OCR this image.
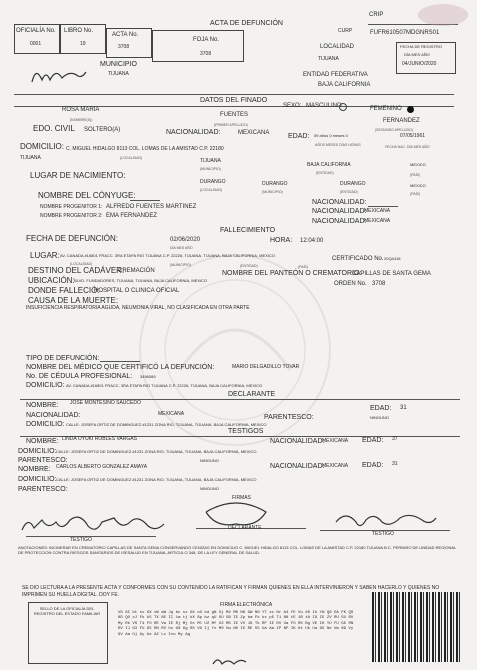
CRIP
ACTA DE DEFUNCIÓN
CURP	FUFR610507MDGNRS01
OFICIALÍA No.
0001
LIBRO No.
19
ACTA No.
3708
FOJA No.
3708
LOCALIDAD
TIJUANA
FECHA DE REGISTRO
DÍA MES AÑO
04/JUNIO/2020
MUNICIPIO
TIJUANA	ENTIDAD FEDERATIVA
BAJA CALIFORNIA
DATOS DEL FINADO
ROSA MARIA
(NOMBRE(S))
FUENTES
(PRIMER APELLIDO)
SEXO: MASCULINO	FEMENINO
FERNANDEZ
(SEGUNDO APELLIDO)
EDO. CIVIL SOLTERO(A)	NACIONALIDAD:	MEXICANA	EDAD: 59 años 0 meses 0	07/05/1961
AÑOS MESES DÍAS HORAS	FECHA NAC. DÍA MES AÑO
DOMICILIO: C. MIGUEL HIDALGO 8113 COL. LOMAS DE LA AMISTAD C.P. 22180
(LOCALIDAD)
TIJUANA	TIJUANA
(MUNICIPIO)
BAJA CALIFORNIA
(ENTIDAD)
MEXICO
(PAÍS)
LUGAR DE NACIMIENTO:
DURANGO
(LOCALIDAD)
DURANGO
(MUNICIPIO)
DURANGO
(ENTIDAD)
MEXICO
(PAÍS)
NOMBRE DEL CÓNYUGE:
NACIONALIDAD:
NOMBRE PROGENITOR 1: ALFREDO FUENTES MARTINEZ
NACIONALIDAD:
MEXICANA
NOMBRE PROGENITOR 2: EMA FERNANDEZ
NACIONALIDAD:
MEXICANA
FALLECIMIENTO
FECHA DE DEFUNCIÓN:	02/06/2020
DÍA MES AÑO
HORA: 12:04:00
LUGAR: AV. CANADA #16801 FRACC. 3RA ETAPA RIO TIJUANA C.P. 22226, TIJUANA, TIJUANA, BAJA CALIFORNIA, MEXICO
(LOCALIDAD)	(MUNICIPIO)	(ENTIDAD)	(PAÍS)
CERTIFICADO No. 20Q4418
DESTINO DEL CADÁVER:
CREMACIÓN	NOMBRE DEL PANTEÓN O CREMATORIO:
CAPILLAS DE SANTA GEMA
UBICACIÓN: BLVD. FUNDADORES, TIJUANA, TIJUANA, BAJA CALIFORNIA, MEXICO
ORDEN No. 3708
DONDE FALLECIÓ:
HOSPITAL O CLINICA OFICIAL
CAUSA DE LA MUERTE:
INSUFICIENCIA RESPIRATORIA AGUDA, NEUMONIA VIRAL, NO CLASIFICADA EN OTRA PARTE
TIPO DE DEFUNCIÓN:
NOMBRE DEL MÉDICO QUE CERTIFICÓ LA DEFUNCIÓN:	MARIO DELGADILLO TOVAR
No. DE CÉDULA PROFESIONAL: 3496089
DOMICILIO: AV. CANADA #16801 FRACC. 3RA ETAPA RIO TIJUANA C.P. 22226, TIJUANA, BAJA CALIFORNIA, MEXICO
DECLARANTE
NOMBRE: JOSE MONTESINO SAUCEDO
EDAD: 31
NACIONALIDAD:	MEXICANA	PARENTESCO:	NINGUNO
DOMICILIO: CALLE: JOSEFA ORTIZ DE DOMINGUEZ #1231 ZONA RIO, TIJUANA, TIJUANA, BAJA CALIFORNIA, MEXICO
TESTIGOS
NOMBRE: LINDA OYUKI ROBLES VARGAS	NACIONALIDAD:
MEXICANA EDAD: 37
DOMICILIO: CALLE: JOSEFA ORTIZ DE DOMINGUEZ #1231 ZONA RIO, TIJUANA, TIJUANA, BAJA CALIFORNIA, MEXICO
PARENTESCO:	NINGUNO
NOMBRE: CARLOS ALBERTO GONZALEZ AMAYA	NACIONALIDAD:
MEXICANA EDAD: 31
DOMICILIO: CALLE: JOSEFA ORTIZ DE DOMINGUEZ #1231 ZONA RIO, TIJUANA, TIJUANA, BAJA CALIFORNIA, MEXICO
PARENTESCO:	NINGUNO
FIRMAS
TESTIGO
DECLARANTE
TESTIGO
ANOTACIONES: INCINERAR EN CREMATORIO CAPILLAS DE SANTA GEMA CONSERVANDO CENIZAS EN DOMICILIO C. MIGUEL HIDALGO 8113 COL. LOMAS DE LA AMISTAD C.P. 22180 TIJUANA B.C. PERMISO DE UNIDAD REGIONAL DE PROTECCION CONTRA RIESGOS SANITARIOS DE ISESALUD EN TIJUANA, ARTICULO 348, DE LA LEY GENERAL DE SALUD.
SE DIO LECTURA A LA PRESENTE ACTA Y CONFORMES CON SU CONTENIDO LA RATIFICAN Y FIRMAN QUIENES EN ELLA INTERVINIERON Y SABEN HACERLO Y QUIENES NO IMPRIMEN SU HUELLA DIGITAL. DOY FE.
SELLO DE LA OFICIALÍA DEL REGISTRO DEL ESTADO FAMILIAR
FIRMA ELECTRÓNICA
VG 8I bt sv GX vW aW Jq bc sx GX oG bd gN Oj M2 M0 N6 GW N0 YT sc Nr A4 fE Vu #0 Ik YW Q6 OA FK QS 8D QO xJ Fk k5 TX 8E II 1m tj kX 8p bz qU GU 5B IE Zp bm Fk kx p5 T1 N8 tE 1B tA I9 IE ZV RU 5U RV My Rk VS T4 FO RE Va IE Rj Mj Ox Ml U2 Mf X2 M5 IE VV J8 Tk RF IE RV Ua FO R0 Bg VE IK YU FU G5 RN RV IJ G3 FU G5 RN RV hc G0 6g R5 VG Ij Yx M0 Uw N0 IE RE 55 Ua Aa IP NP IK Ht Uk Ua G5 Ne Vm 89 Vy 9V Aa Oj Ay Az AZ Lz Ivo My Ag
